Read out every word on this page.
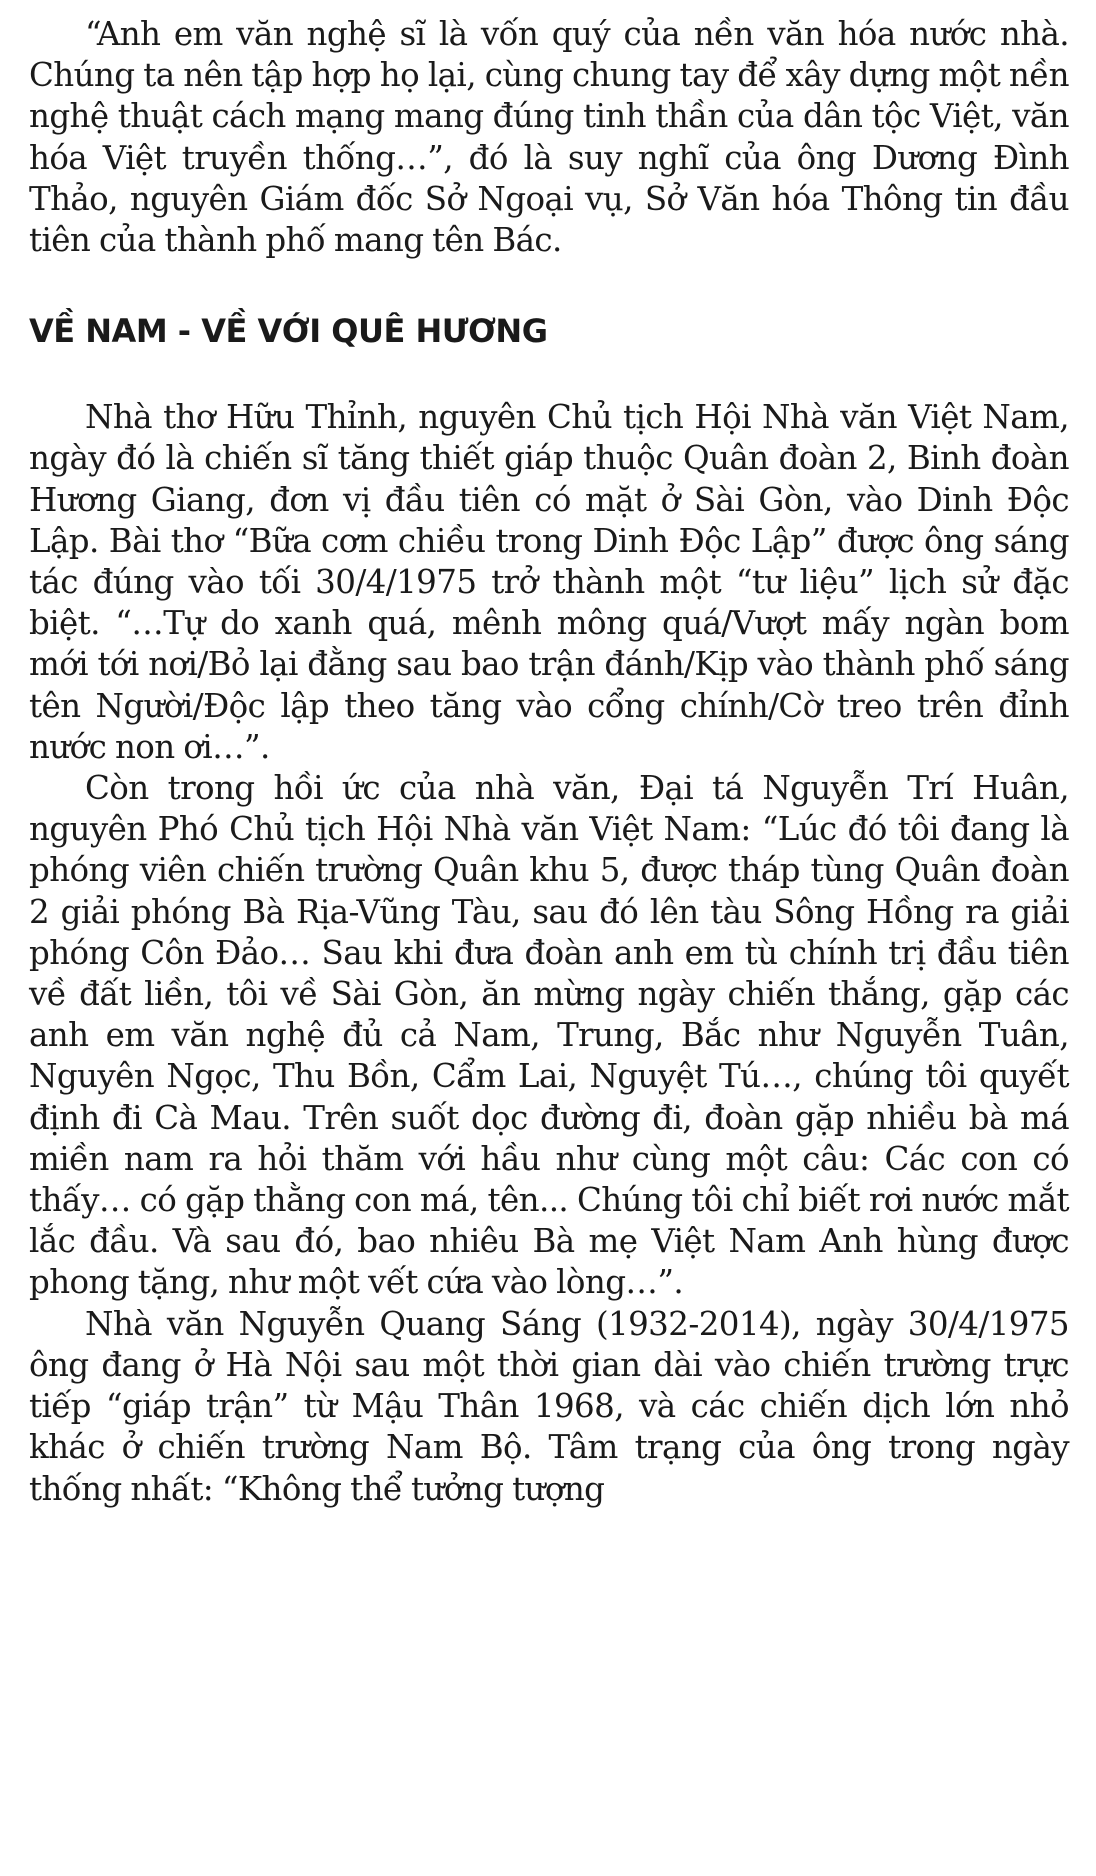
“Anh em văn nghệ sĩ là vốn quý của nền văn hóa nước nhà. Chúng ta nên tập hợp họ lại, cùng chung tay để xây dựng một nền nghệ thuật cách mạng mang đúng tinh thần của dân tộc Việt, văn hóa Việt truyền thống…”, đó là suy nghĩ của ông Dương Đình Thảo, nguyên Giám đốc Sở Ngoại vụ, Sở Văn hóa Thông tin đầu tiên của thành phố mang tên Bác.

VỀ NAM - VỀ VỚI QUÊ HƯƠNG

Nhà thơ Hữu Thỉnh, nguyên Chủ tịch Hội Nhà văn Việt Nam, ngày đó là chiến sĩ tăng thiết giáp thuộc Quân đoàn 2, Binh đoàn Hương Giang, đơn vị đầu tiên có mặt ở Sài Gòn, vào Dinh Độc Lập. Bài thơ “Bữa cơm chiều trong Dinh Độc Lập” được ông sáng tác đúng vào tối 30/4/1975 trở thành một “tư liệu” lịch sử đặc biệt. “…Tự do xanh quá, mênh mông quá/Vượt mấy ngàn bom mới tới nơi/Bỏ lại đằng sau bao trận đánh/Kịp vào thành phố sáng tên Người/Độc lập theo tăng vào cổng chính/Cờ treo trên đỉnh nước non ơi…”.

Còn trong hồi ức của nhà văn, Đại tá Nguyễn Trí Huân, nguyên Phó Chủ tịch Hội Nhà văn Việt Nam: “Lúc đó tôi đang là phóng viên chiến trường Quân khu 5, được tháp tùng Quân đoàn 2 giải phóng Bà Rịa-Vũng Tàu, sau đó lên tàu Sông Hồng ra giải phóng Côn Đảo… Sau khi đưa đoàn anh em tù chính trị đầu tiên về đất liền, tôi về Sài Gòn, ăn mừng ngày chiến thắng, gặp các anh em văn nghệ đủ cả Nam, Trung, Bắc như Nguyễn Tuân, Nguyên Ngọc, Thu Bồn, Cẩm Lai, Nguyệt Tú…, chúng tôi quyết định đi Cà Mau. Trên suốt dọc đường đi, đoàn gặp nhiều bà má miền nam ra hỏi thăm với hầu như cùng một câu: Các con có thấy… có gặp thằng con má, tên... Chúng tôi chỉ biết rơi nước mắt lắc đầu. Và sau đó, bao nhiêu Bà mẹ Việt Nam Anh hùng được phong tặng, như một vết cứa vào lòng…”.

Nhà văn Nguyễn Quang Sáng (1932-2014), ngày 30/4/1975 ông đang ở Hà Nội sau một thời gian dài vào chiến trường trực tiếp “giáp trận” từ Mậu Thân 1968, và các chiến dịch lớn nhỏ khác ở chiến trường Nam Bộ. Tâm trạng của ông trong ngày thống nhất: “Không thể tưởng tượng
